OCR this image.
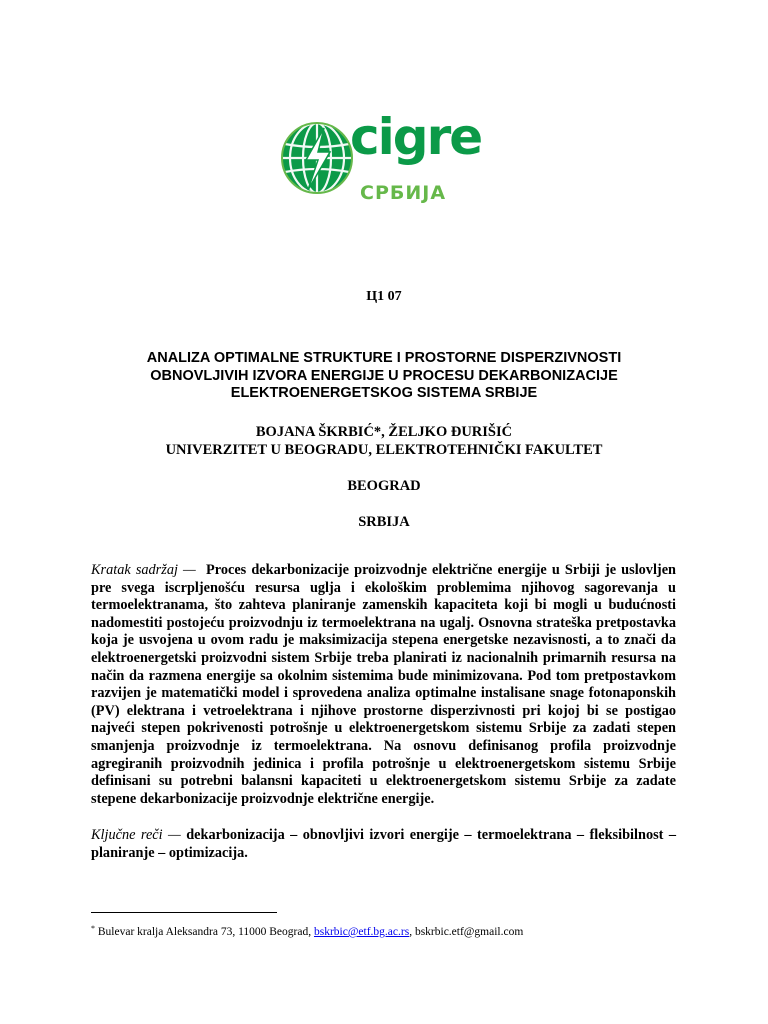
cigre
СРБИЈА
Ц1 07
ANALIZA OPTIMALNE STRUKTURE I PROSTORNE DISPERZIVNOSTI
OBNOVLJIVIH IZVORA ENERGIJE U PROCESU DEKARBONIZACIJE
ELEKTROENERGETSKOG SISTEMA SRBIJE
BOJANA ŠKRBIĆ*, ŽELJKO ĐURIŠIĆ
UNIVERZITET U BEOGRADU, ELEKTROTEHNIČKI FAKULTET
BEOGRAD
SRBIJA
Kratak sadržaj — Proces dekarbonizacije proizvodnje električne energije u Srbiji je uslovljen pre svega iscrpljenošću resursa uglja i ekološkim problemima njihovog sagorevanja u termoelektranama, što zahteva planiranje zamenskih kapaciteta koji bi mogli u budućnosti nadomestiti postojeću proizvodnju iz termoelektrana na ugalj. Osnovna strateška pretpostavka koja je usvojena u ovom radu je maksimizacija stepena energetske nezavisnosti, a to znači da elektroenergetski proizvodni sistem Srbije treba planirati iz nacionalnih primarnih resursa na način da razmena energije sa okolnim sistemima bude minimizovana. Pod tom pretpostavkom razvijen je matematički model i sprovedena analiza optimalne instalisane snage fotonaponskih (PV) elektrana i vetroelektrana i njihove prostorne disperzivnosti pri kojoj bi se postigao najveći stepen pokrivenosti potrošnje u elektroenergetskom sistemu Srbije za zadati stepen smanjenja proizvodnje iz termoelektrana. Na osnovu definisanog profila proizvodnje agregiranih proizvodnih jedinica i profila potrošnje u elektroenergetskom sistemu Srbije definisani su potrebni balansni kapaciteti u elektroenergetskom sistemu Srbije za zadate stepene dekarbonizacije proizvodnje električne energije.
Ključne reči — dekarbonizacija – obnovljivi izvori energije – termoelektrana – fleksibilnost – planiranje – optimizacija.
* Bulevar kralja Aleksandra 73, 11000 Beograd, bskrbic@etf.bg.ac.rs, bskrbic.etf@gmail.com
